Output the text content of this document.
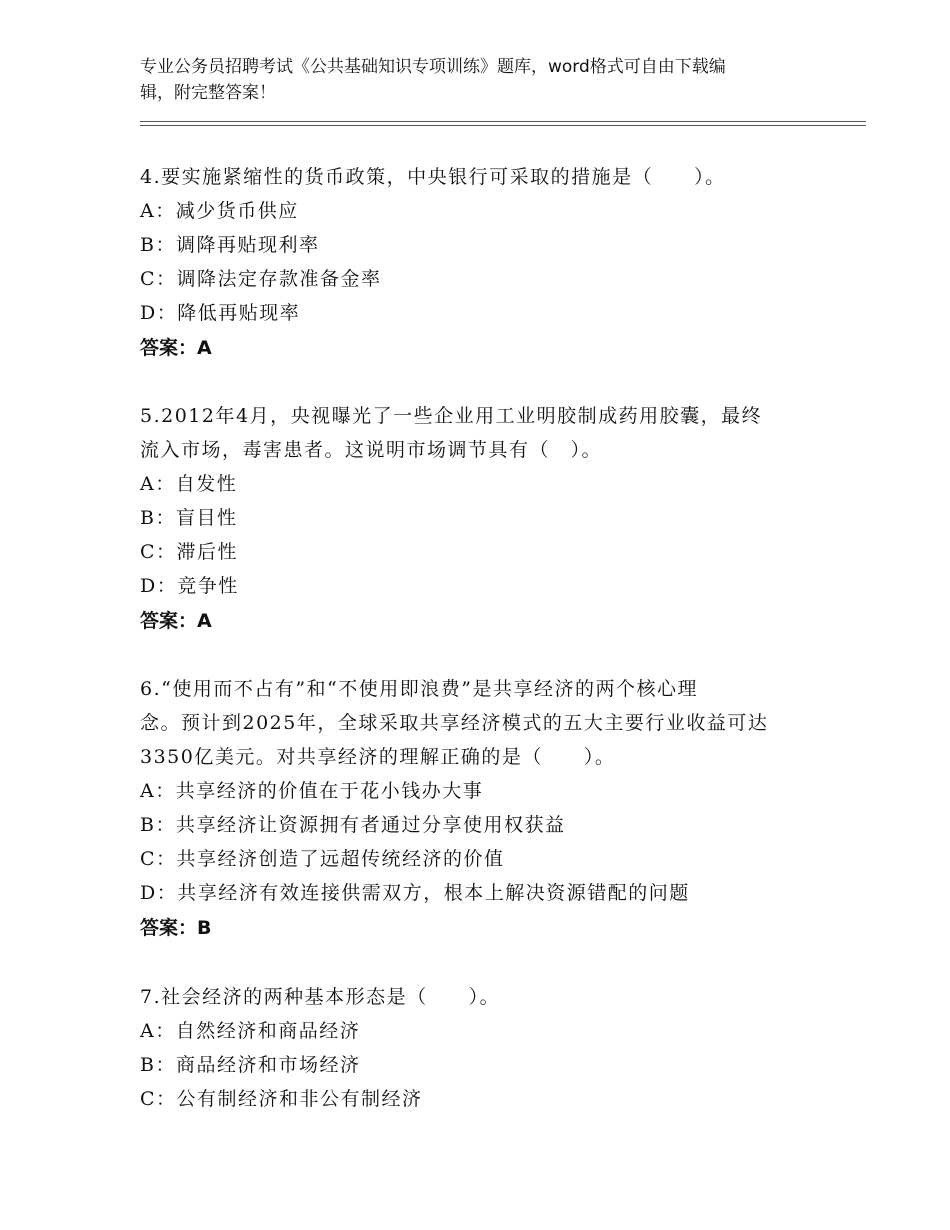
专业公务员招聘考试《公共基础知识专项训练》题库，word格式可自由下载编
辑，附完整答案！
4.要实施紧缩性的货币政策，中央银行可采取的措施是（　　）。
A：减少货币供应
B：调降再贴现利率
C：调降法定存款准备金率
D：降低再贴现率
答案：A
5.2012年4月，央视曝光了一些企业用工业明胶制成药用胶囊，最终
流入市场，毒害患者。这说明市场调节具有（　）。
A：自发性
B：盲目性
C：滞后性
D：竞争性
答案：A
6.“使用而不占有”和“不使用即浪费”是共享经济的两个核心理
念。预计到2025年，全球采取共享经济模式的五大主要行业收益可达
3350亿美元。对共享经济的理解正确的是（　　）。
A：共享经济的价值在于花小钱办大事
B：共享经济让资源拥有者通过分享使用权获益
C：共享经济创造了远超传统经济的价值
D：共享经济有效连接供需双方，根本上解决资源错配的问题
答案：B
7.社会经济的两种基本形态是（　　）。
A：自然经济和商品经济
B：商品经济和市场经济
C：公有制经济和非公有制经济
